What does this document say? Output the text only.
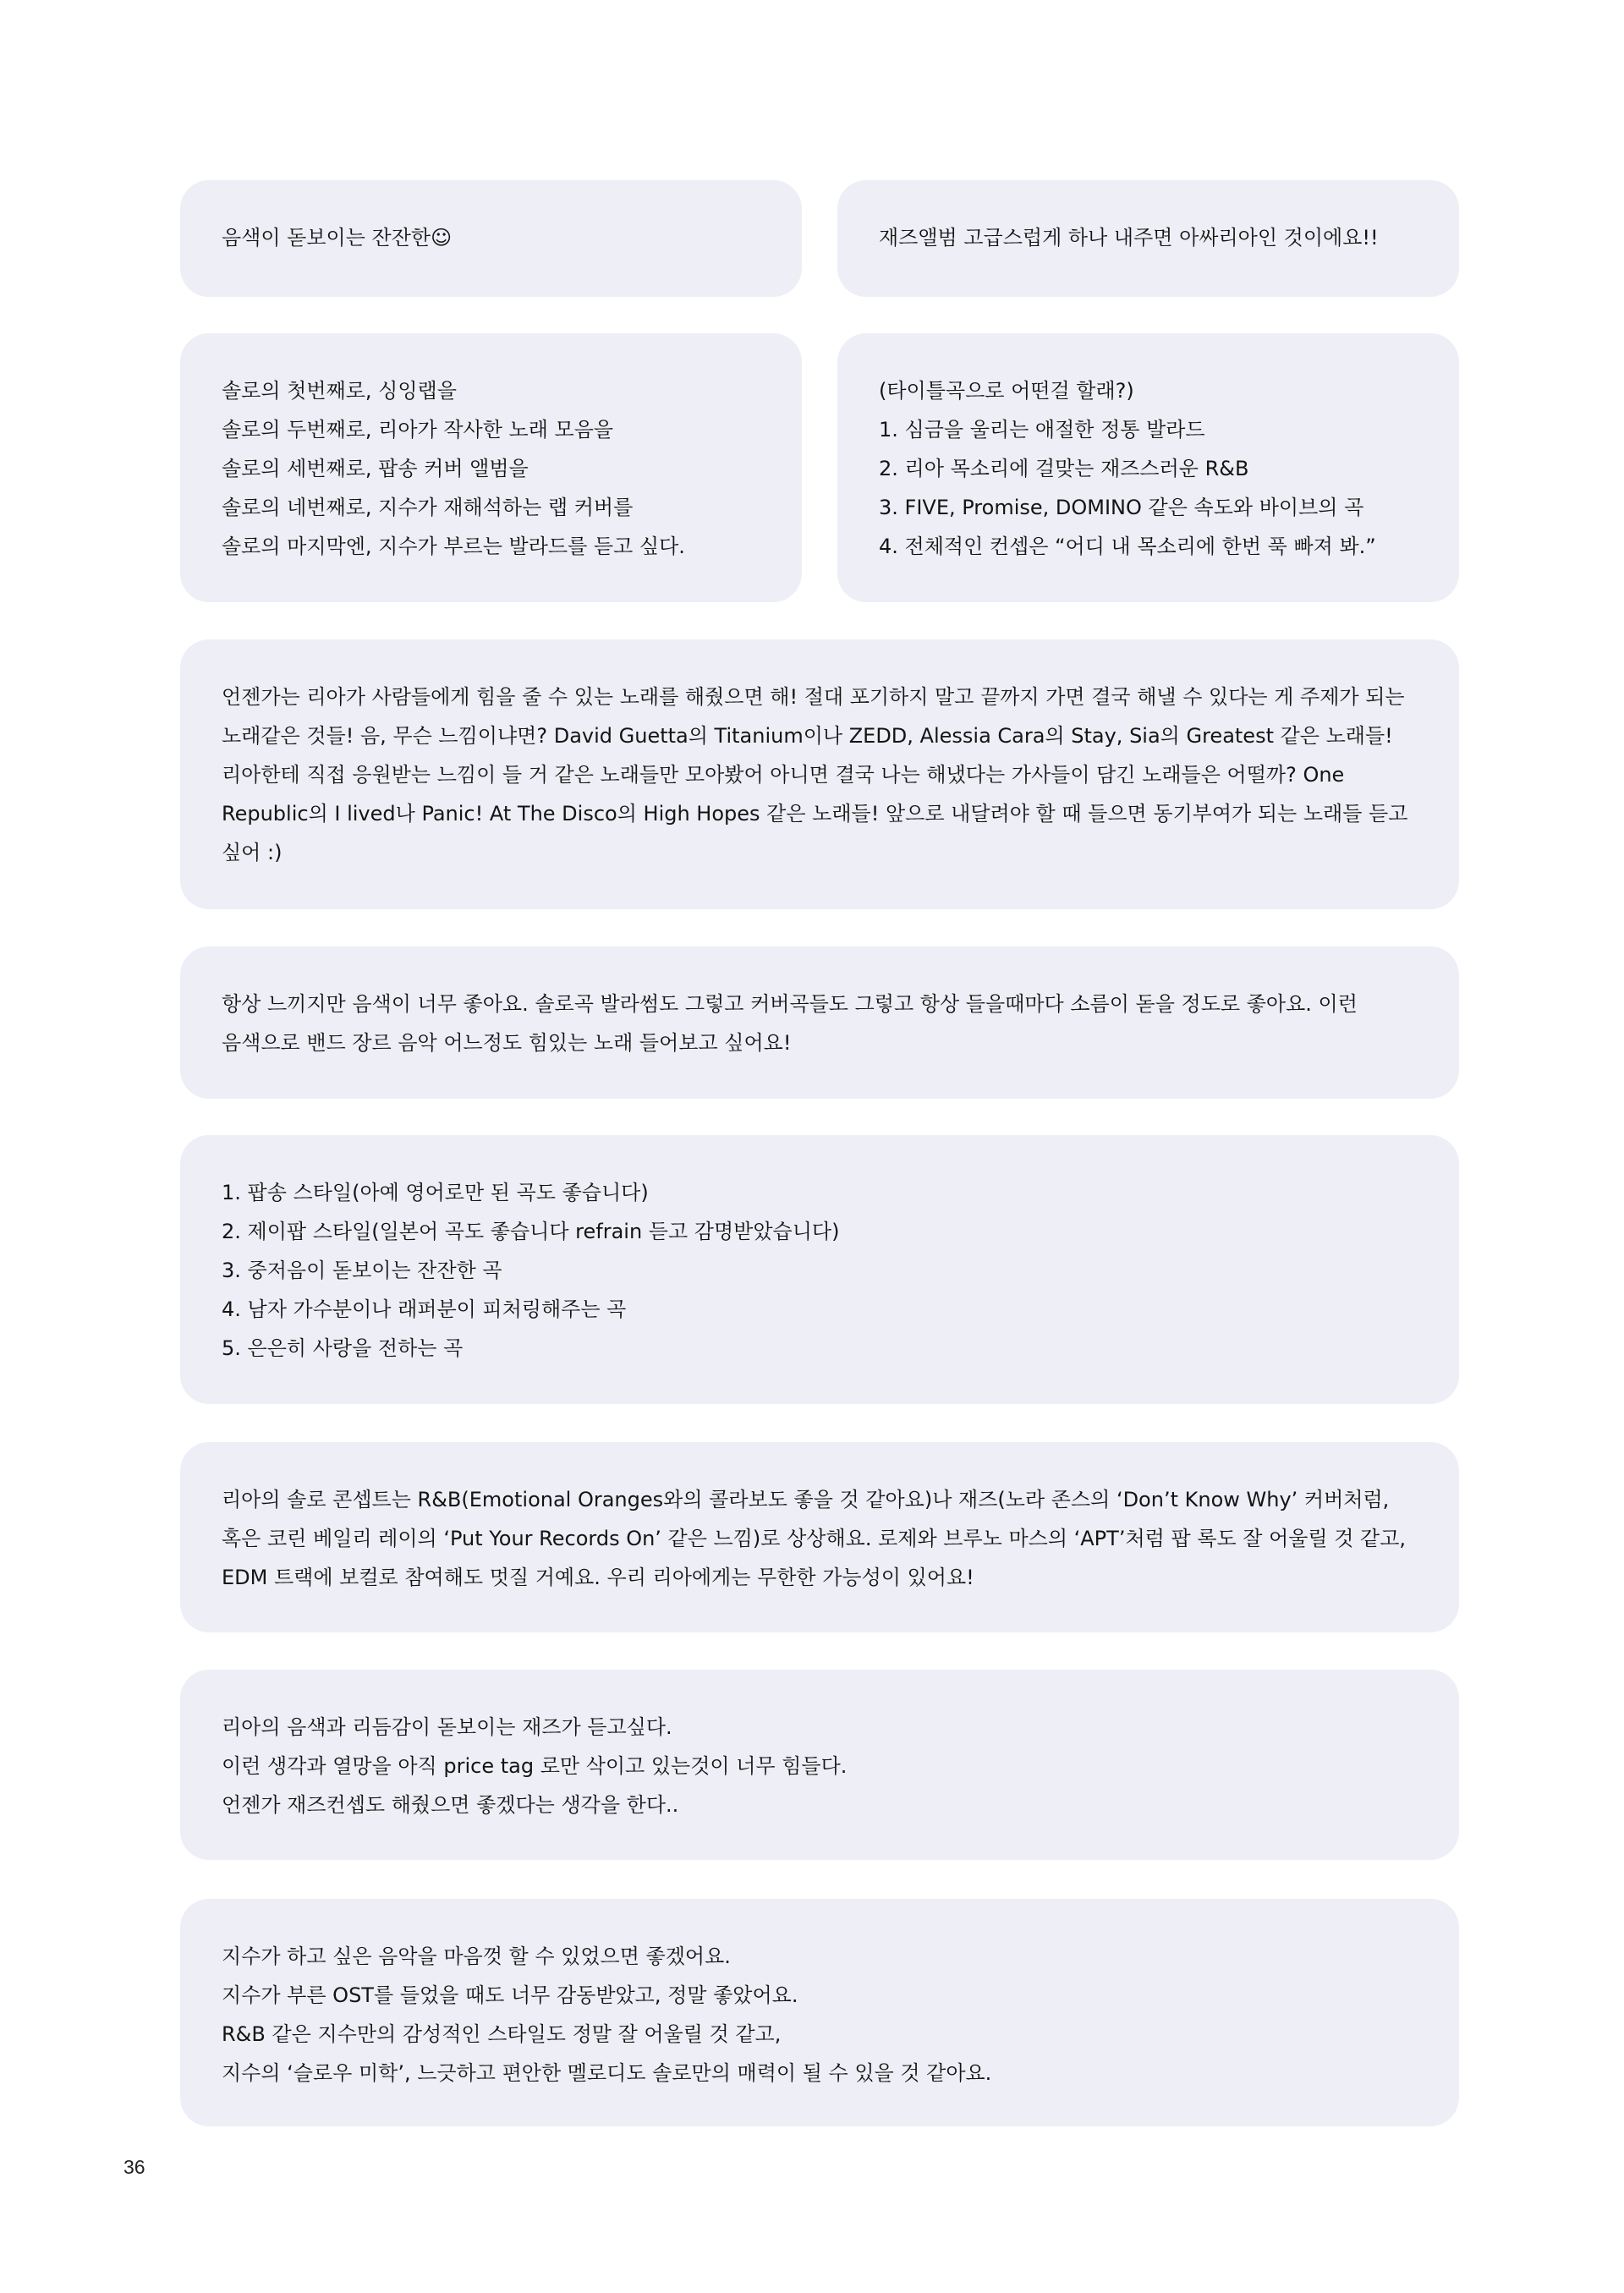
음색이 돋보이는 잔잔한☺	재즈앨범 고급스럽게 하나 내주면 아싸리아인 것이에요!!
솔로의 첫번째로, 싱잉랩을
솔로의 두번째로, 리아가 작사한 노래 모음을
솔로의 세번째로, 팝송 커버 앨범을
솔로의 네번째로, 지수가 재해석하는 랩 커버를
솔로의 마지막엔, 지수가 부르는 발라드를 듣고 싶다.
(타이틀곡으로 어떤걸 할래?)
1. 심금을 울리는 애절한 정통 발라드
2. 리아 목소리에 걸맞는 재즈스러운 R&B
3. FIVE, Promise, DOMINO 같은 속도와 바이브의 곡
4. 전체적인 컨셉은 “어디 내 목소리에 한번 푹 빠져 봐.”

언젠가는 리아가 사람들에게 힘을 줄 수 있는 노래를 해줬으면 해! 절대 포기하지 말고 끝까지 가면 결국 해낼 수 있다는 게 주제가 되는 노래같은 것들! 음, 무슨 느낌이냐면? David Guetta의 Titanium이나 ZEDD, Alessia Cara의 Stay, Sia의 Greatest 같은 노래들! 리아한테 직접 응원받는 느낌이 들 거 같은 노래들만 모아봤어 아니면 결국 나는 해냈다는 가사들이 담긴 노래들은 어떨까? One Republic의 I lived나 Panic! At The Disco의 High Hopes 같은 노래들! 앞으로 내달려야 할 때 들으면 동기부여가 되는 노래들 듣고 싶어 :)

항상 느끼지만 음색이 너무 좋아요. 솔로곡 발라썸도 그렇고 커버곡들도 그렇고 항상 들을때마다 소름이 돋을 정도로 좋아요. 이런 음색으로 밴드 장르 음악 어느정도 힘있는 노래 들어보고 싶어요!

1. 팝송 스타일(아예 영어로만 된 곡도 좋습니다)
2. 제이팝 스타일(일본어 곡도 좋습니다 refrain 듣고 감명받았습니다)
3. 중저음이 돋보이는 잔잔한 곡
4. 남자 가수분이나 래퍼분이 피처링해주는 곡
5. 은은히 사랑을 전하는 곡

리아의 솔로 콘셉트는 R&B(Emotional Oranges와의 콜라보도 좋을 것 같아요)나 재즈(노라 존스의 ‘Don’t Know Why’ 커버처럼, 혹은 코린 베일리 레이의 ‘Put Your Records On’ 같은 느낌)로 상상해요. 로제와 브루노 마스의 ‘APT’처럼 팝 록도 잘 어울릴 것 같고, EDM 트랙에 보컬로 참여해도 멋질 거예요. 우리 리아에게는 무한한 가능성이 있어요!

리아의 음색과 리듬감이 돋보이는 재즈가 듣고싶다.
이런 생각과 열망을 아직 price tag 로만 삭이고 있는것이 너무 힘들다.
언젠가 재즈컨셉도 해줬으면 좋겠다는 생각을 한다..
지수가 하고 싶은 음악을 마음껏 할 수 있었으면 좋겠어요.
지수가 부른 OST를 들었을 때도 너무 감동받았고, 정말 좋았어요.
R&B 같은 지수만의 감성적인 스타일도 정말 잘 어울릴 것 같고,
지수의 ‘슬로우 미학’, 느긋하고 편안한 멜로디도 솔로만의 매력이 될 수 있을 것 같아요.
36
